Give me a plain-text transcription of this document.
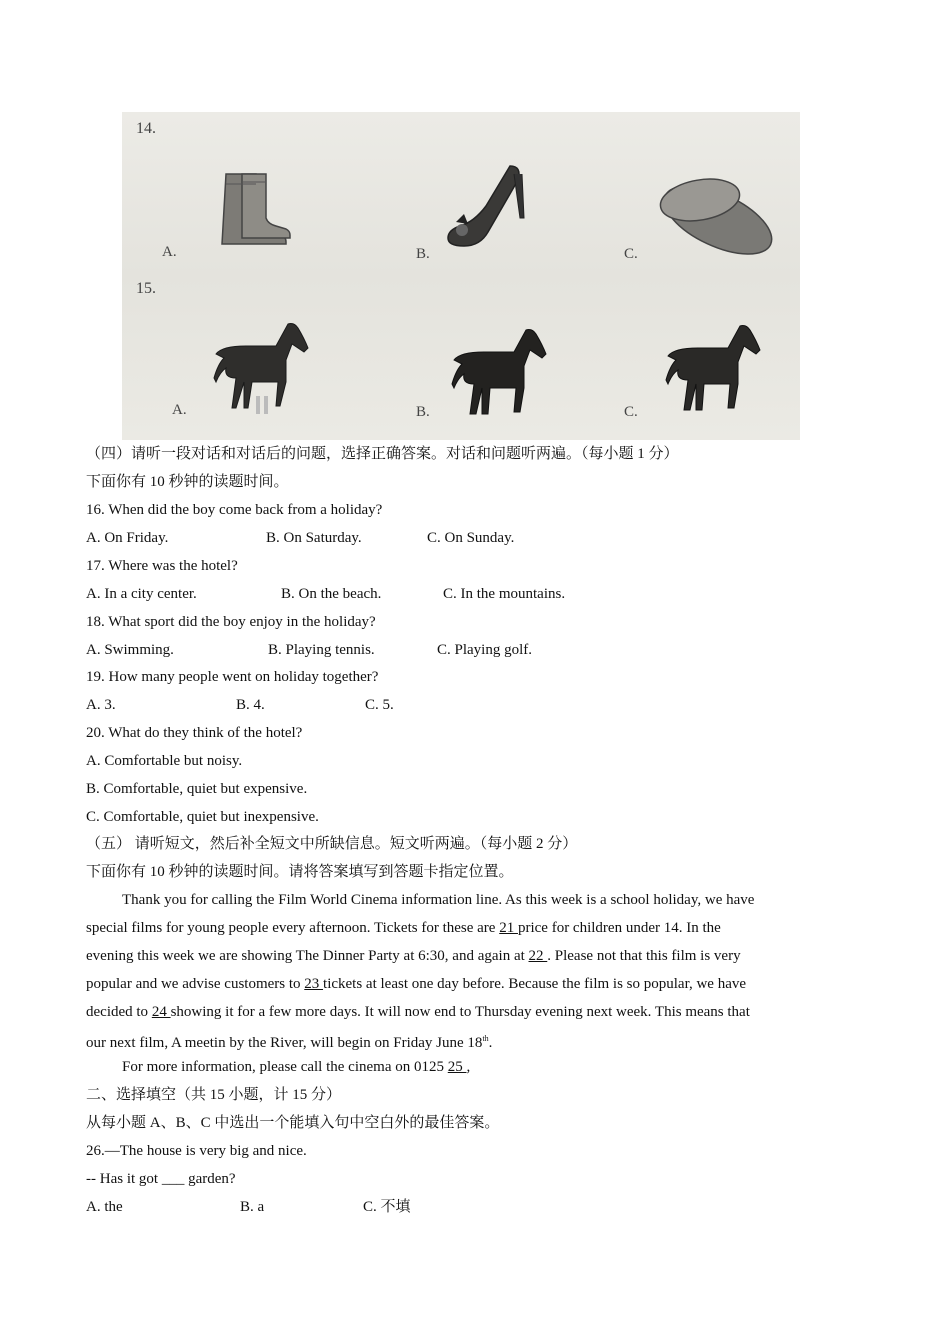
14.
A.	B.	C.
15.
A.	B.	C.
（四）请听一段对话和对话后的问题，选择正确答案。对话和问题听两遍。（每小题 1 分）
下面你有 10 秒钟的读题时间。
16. When did the boy come back from a holiday?
A. On Friday.	B. On Saturday.	C. On Sunday.
17. Where was the hotel?
A. In a city center.	B. On the beach.	C. In the mountains.
18. What sport did the boy enjoy in the holiday?
A. Swimming.	B. Playing tennis.	C. Playing golf.
19. How many people went on holiday together?
A. 3.	B. 4.	C. 5.
20. What do they think of the hotel?
A. Comfortable but noisy.
B. Comfortable, quiet but expensive.
C. Comfortable, quiet but inexpensive.
（五） 请听短文，然后补全短文中所缺信息。短文听两遍。（每小题 2 分）
下面你有 10 秒钟的读题时间。请将答案填写到答题卡指定位置。
Thank you for calling the Film World Cinema information line. As this week is a school holiday, we have
special films for young people every afternoon. Tickets for these are 21 price for children under 14. In the
evening this week we are showing The Dinner Party at 6:30, and again at 22 . Please not that this film is very
popular and we advise customers to 23 tickets at least one day before. Because the film is so popular, we have
decided to 24 showing it for a few more days. It will now end to Thursday evening next week. This means that
our next film, A meetin by the River, will begin on Friday June 18th.
For more information, please call the cinema on 0125 25 ,
二、选择填空（共 15 小题，计 15 分）
从每小题 A、B、C 中选出一个能填入句中空白外的最佳答案。
26.—The house is very big and nice.
-- Has it got ___ garden?
A. the	B. a	C. 不填
